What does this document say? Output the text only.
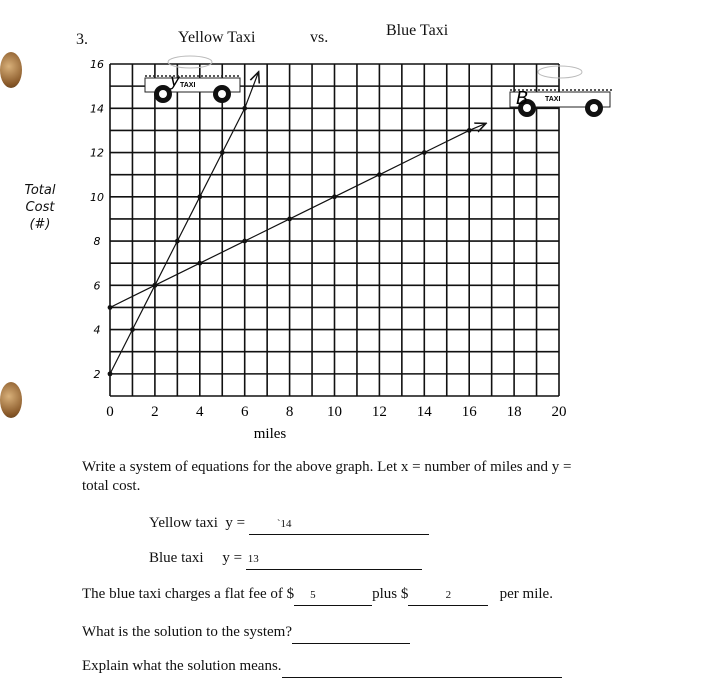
3.	Yellow Taxi	vs.	Blue Taxi
Total
Cost
(#)
0 2 4 6 8 10 12 14 16 18 20
2
4
6
8
10
12
14
16
TAXI
TAXI
y
B
miles
Write a system of equations for the above graph. Let x = number of miles and y = total cost.
Yellow taxi y =	`14
Blue taxi y = 13
The blue taxi charges a flat fee of $ 5	plus $	2	per mile.
What is the solution to the system?
Explain what the solution means.
